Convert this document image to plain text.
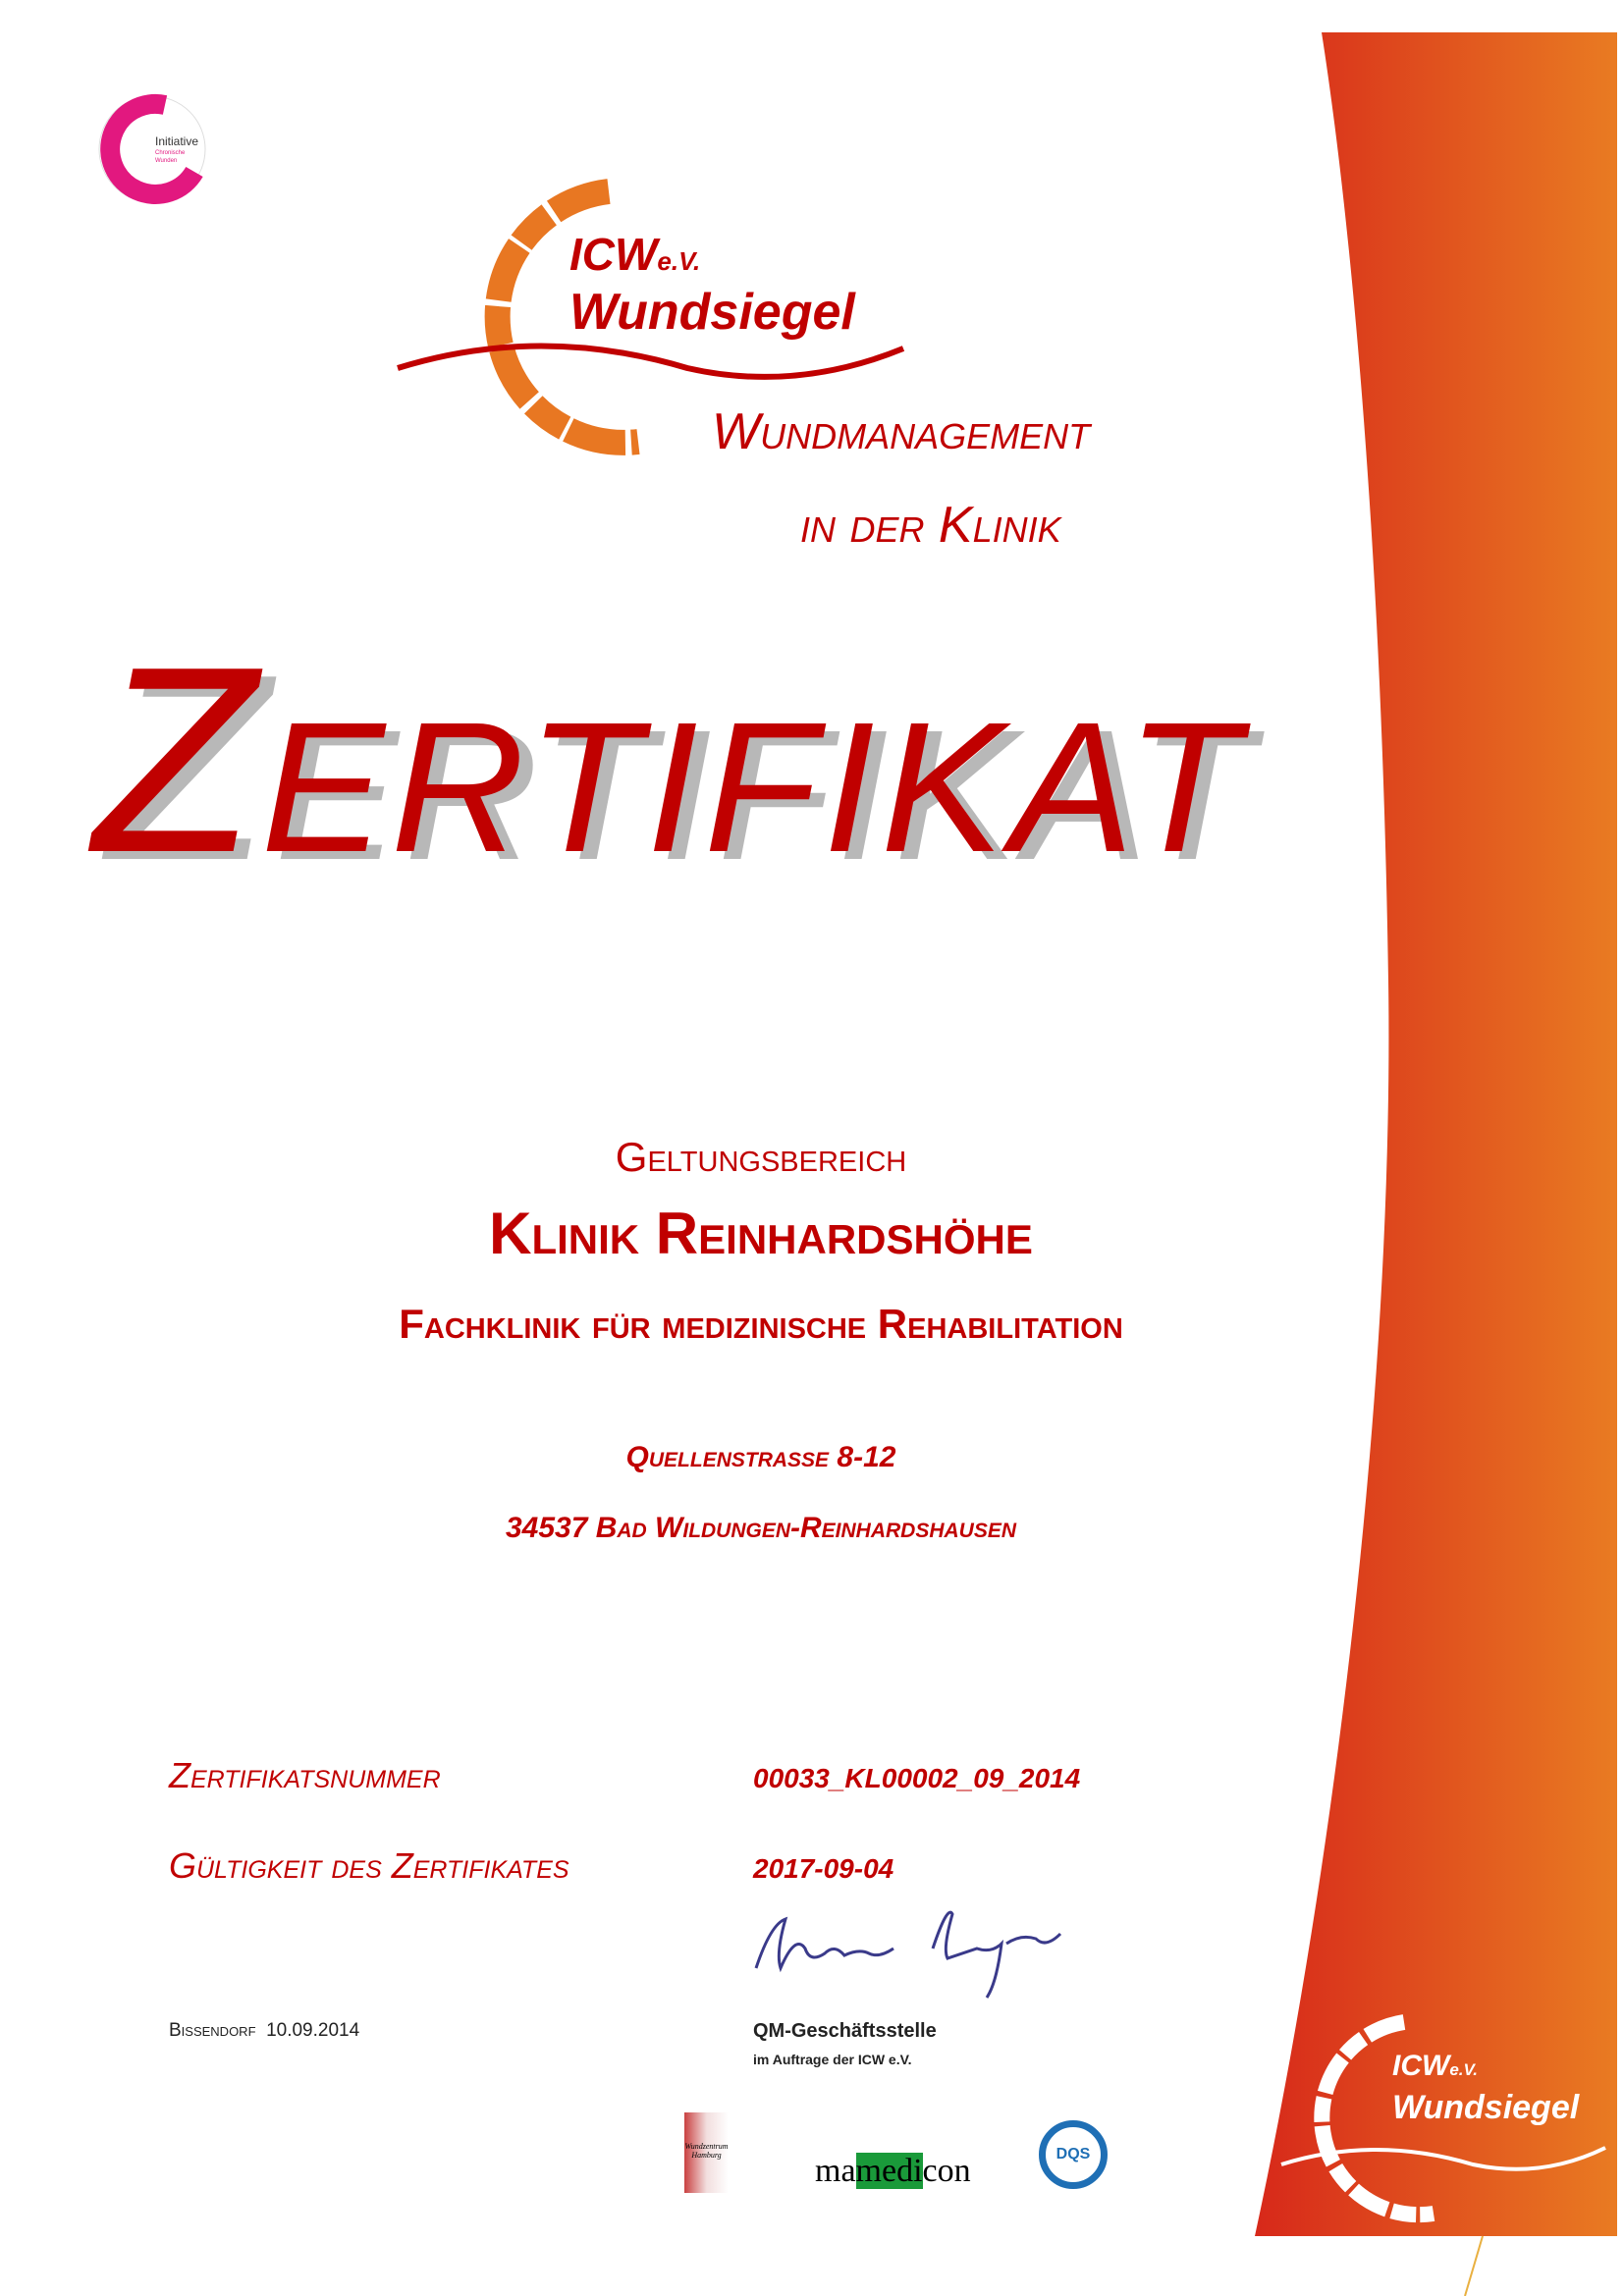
Initiative
Chronische
Wunden
ICWe.V.
Wundsiegel
Wundmanagement
in der Klinik
Zertifikat
Geltungsbereich
Klinik Reinhardshöhe
Fachklinik für medizinische Rehabilitation
Quellenstraße 8-12
34537 Bad Wildungen-Reinhardshausen
Zertifikatsnummer	00033_KL00002_09_2014
Gültigkeit des Zertifikates	2017-09-04
Bissendorf 10.09.2014	QM-Geschäftsstelle
im Auftrage der ICW e.V.
Wundzentrum
Hamburg	mamedicon	DQS
ICWe.V.
Wundsiegel
